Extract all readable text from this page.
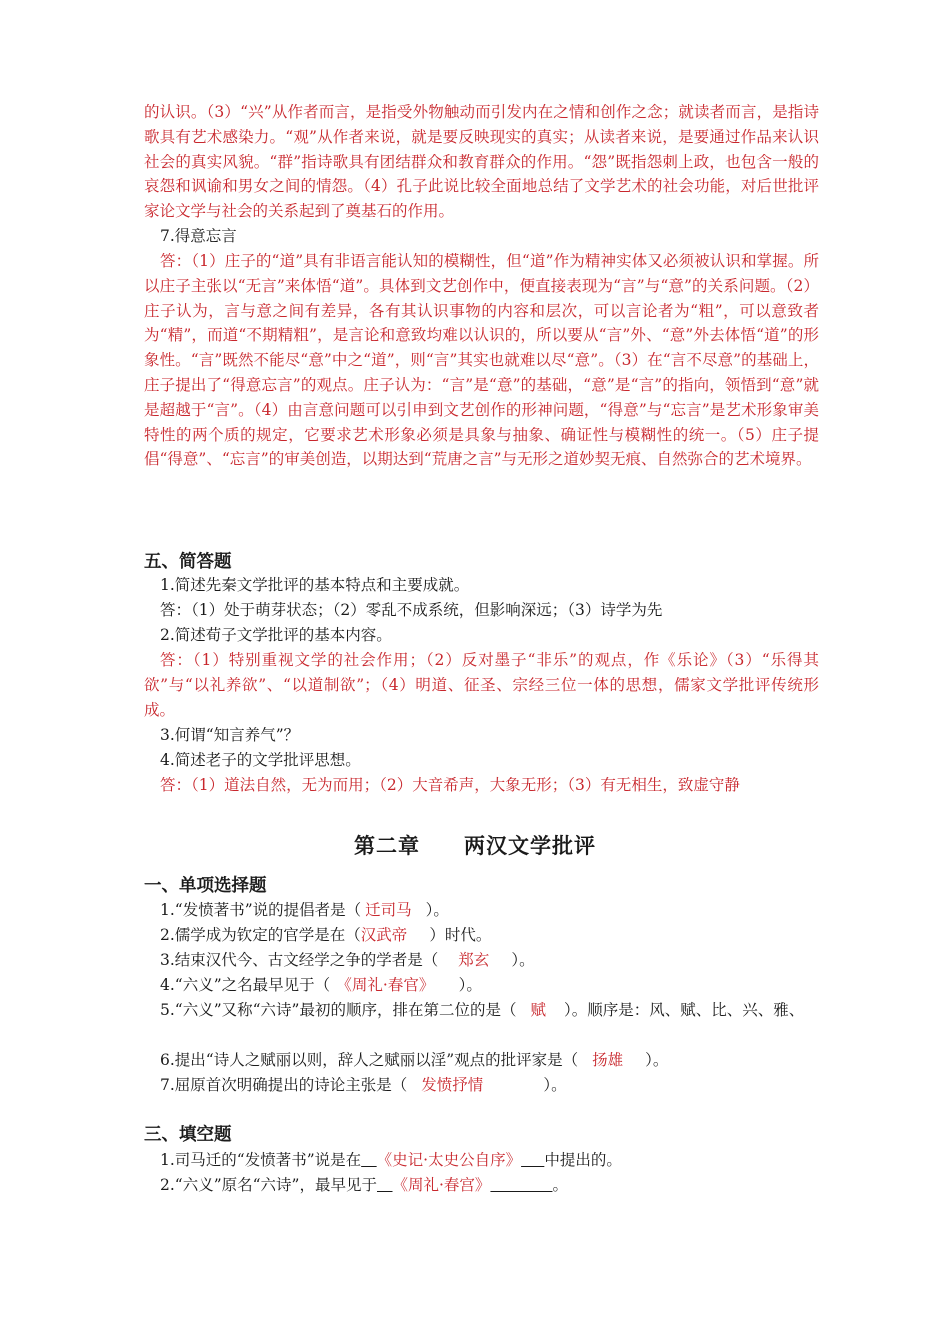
的认识。（3）“兴”从作者而言，是指受外物触动而引发内在之情和创作之念；就读者而言，是指诗歌具有艺术感染力。“观”从作者来说，就是要反映现实的真实；从读者来说，是要通过作品来认识社会的真实风貌。“群”指诗歌具有团结群众和教育群众的作用。“怨”既指怨刺上政，也包含一般的哀怨和讽谕和男女之间的情怨。（4）孔子此说比较全面地总结了文学艺术的社会功能，对后世批评家论文学与社会的关系起到了奠基石的作用。

7.得意忘言

答：（1）庄子的“道”具有非语言能认知的模糊性，但“道”作为精神实体又必须被认识和掌握。所以庄子主张以“无言”来体悟“道”。具体到文艺创作中，便直接表现为“言”与“意”的关系问题。（2）庄子认为，言与意之间有差异，各有其认识事物的内容和层次，可以言论者为“粗”，可以意致者为“精”，而道“不期精粗”，是言论和意致均难以认识的，所以要从“言”外、“意”外去体悟“道”的形象性。“言”既然不能尽“意”中之“道”，则“言”其实也就难以尽“意”。（3）在“言不尽意”的基础上，庄子提出了“得意忘言”的观点。庄子认为：“言”是“意”的基础，“意”是“言”的指向，领悟到“意”就是超越于“言”。（4）由言意问题可以引申到文艺创作的形神问题，“得意”与“忘言”是艺术形象审美特性的两个质的规定，它要求艺术形象必须是具象与抽象、确证性与模糊性的统一。（5）庄子提倡“得意”、“忘言”的审美创造，以期达到“荒唐之言”与无形之道妙契无痕、自然弥合的艺术境界。

五、简答题

1.简述先秦文学批评的基本特点和主要成就。

答：（1）处于萌芽状态；（2）零乱不成系统，但影响深远；（3）诗学为先

2.简述荀子文学批评的基本内容。

答：（1）特别重视文学的社会作用；（2）反对墨子“非乐”的观点，作《乐论》（3）“乐得其欲”与“以礼养欲”、“以道制欲”；（4）明道、征圣、宗经三位一体的思想，儒家文学批评传统形成。

3.何谓“知言养气”？

4.简述老子的文学批评思想。

答：（1）道法自然，无为而用；（2）大音希声，大象无形；（3）有无相生，致虚守静

第二章 两汉文学批评

一、单项选择题

1.“发愤著书”说的提倡者是（ 迁司马 ）。

2.儒学成为钦定的官学是在（汉武帝 ）时代。

3.结束汉代今、古文经学之争的学者是（ 郑玄 ）。

4.“六义”之名最早见于（ 《周礼·春官》 ）。

5.“六义”又称“六诗”最初的顺序，排在第二位的是（ 赋 ）。顺序是：风、赋、比、兴、雅、

6.提出“诗人之赋丽以则，辞人之赋丽以淫”观点的批评家是（ 扬雄 ）。

7.屈原首次明确提出的诗论主张是（ 发愤抒情	）。

三、填空题

1.司马迁的“发愤著书”说是在  《史记·太史公自序》   中提出的。

2.“六义”原名“六诗”，最早见于  《周礼·春宫》    	。
